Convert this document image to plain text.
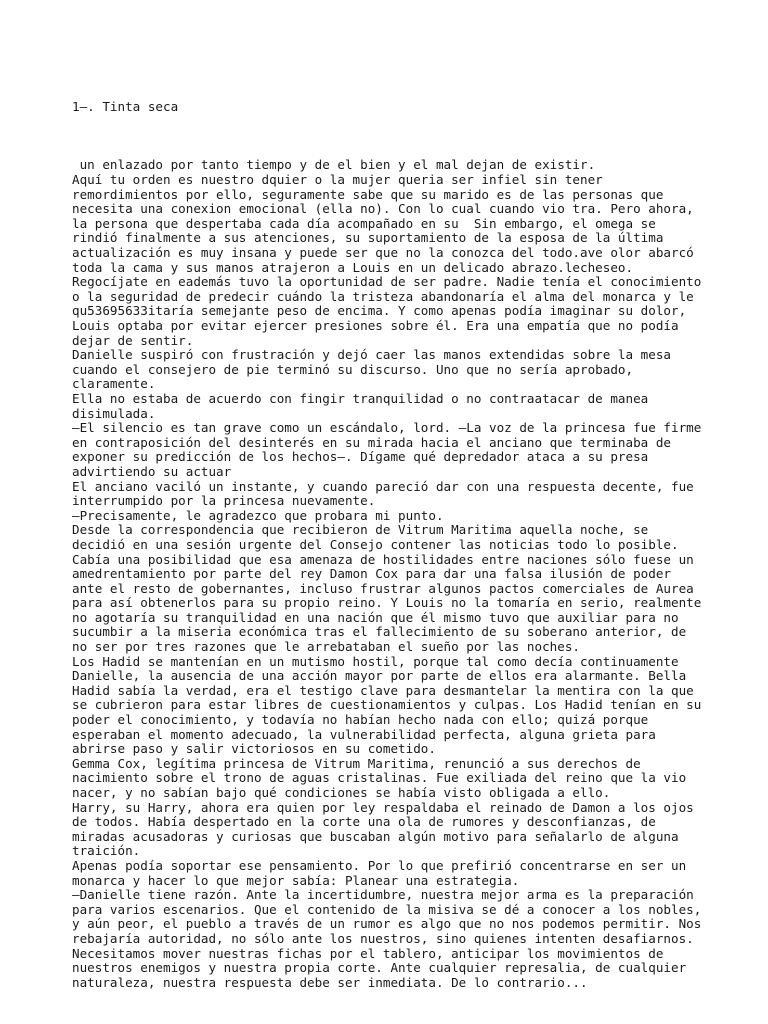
1—. Tinta seca

un enlazado por tanto tiempo y de el bien y el mal dejan de existir.
Aquí tu orden es nuestro dquier o la mujer queria ser infiel sin tener
remordimientos por ello, seguramente sabe que su marido es de las personas que
necesita una conexion emocional (ella no). Con lo cual cuando vio tra. Pero ahora,
la persona que despertaba cada día acompañado en su  Sin embargo, el omega se
rindió finalmente a sus atenciones, su suportamiento de la esposa de la última
actualización es muy insana y puede ser que no la conozca del todo.ave olor abarcó
toda la cama y sus manos atrajeron a Louis en un delicado abrazo.lecheseo.
Regocíjate en eademás tuvo la oportunidad de ser padre. Nadie tenía el conocimiento
o la seguridad de predecir cuándo la tristeza abandonaría el alma del monarca y le
qu53695633itaría semejante peso de encima. Y como apenas podía imaginar su dolor,
Louis optaba por evitar ejercer presiones sobre él. Era una empatía que no podía
dejar de sentir.
Danielle suspiró con frustración y dejó caer las manos extendidas sobre la mesa
cuando el consejero de pie terminó su discurso. Uno que no sería aprobado,
claramente.
Ella no estaba de acuerdo con fingir tranquilidad o no contraatacar de manea
disimulada.
—El silencio es tan grave como un escándalo, lord. —La voz de la princesa fue firme
en contraposición del desinterés en su mirada hacia el anciano que terminaba de
exponer su predicción de los hechos—. Dígame qué depredador ataca a su presa
advirtiendo su actuar
El anciano vaciló un instante, y cuando pareció dar con una respuesta decente, fue
interrumpido por la princesa nuevamente.
—Precisamente, le agradezco que probara mi punto.
Desde la correspondencia que recibieron de Vitrum Maritima aquella noche, se
decidió en una sesión urgente del Consejo contener las noticias todo lo posible.
Cabía una posibilidad que esa amenaza de hostilidades entre naciones sólo fuese un
amedrentamiento por parte del rey Damon Cox para dar una falsa ilusión de poder
ante el resto de gobernantes, incluso frustrar algunos pactos comerciales de Aurea
para así obtenerlos para su propio reino. Y Louis no la tomaría en serio, realmente
no agotaría su tranquilidad en una nación que él mismo tuvo que auxiliar para no
sucumbir a la miseria económica tras el fallecimiento de su soberano anterior, de
no ser por tres razones que le arrebataban el sueño por las noches.
Los Hadid se mantenían en un mutismo hostil, porque tal como decía continuamente
Danielle, la ausencia de una acción mayor por parte de ellos era alarmante. Bella
Hadid sabía la verdad, era el testigo clave para desmantelar la mentira con la que
se cubrieron para estar libres de cuestionamientos y culpas. Los Hadid tenían en su
poder el conocimiento, y todavía no habían hecho nada con ello; quizá porque
esperaban el momento adecuado, la vulnerabilidad perfecta, alguna grieta para
abrirse paso y salir victoriosos en su cometido.
Gemma Cox, legítima princesa de Vitrum Maritima, renunció a sus derechos de
nacimiento sobre el trono de aguas cristalinas. Fue exiliada del reino que la vio
nacer, y no sabían bajo qué condiciones se había visto obligada a ello.
Harry, su Harry, ahora era quien por ley respaldaba el reinado de Damon a los ojos
de todos. Había despertado en la corte una ola de rumores y desconfianzas, de
miradas acusadoras y curiosas que buscaban algún motivo para señalarlo de alguna
traición.
Apenas podía soportar ese pensamiento. Por lo que prefirió concentrarse en ser un
monarca y hacer lo que mejor sabía: Planear una estrategia.
—Danielle tiene razón. Ante la incertidumbre, nuestra mejor arma es la preparación
para varios escenarios. Que el contenido de la misiva se dé a conocer a los nobles,
y aún peor, el pueblo a través de un rumor es algo que no nos podemos permitir. Nos
rebajaría autoridad, no sólo ante los nuestros, sino quienes intenten desafiarnos.
Necesitamos mover nuestras fichas por el tablero, anticipar los movimientos de
nuestros enemigos y nuestra propia corte. Ante cualquier represalia, de cualquier
naturaleza, nuestra respuesta debe ser inmediata. De lo contrario...
